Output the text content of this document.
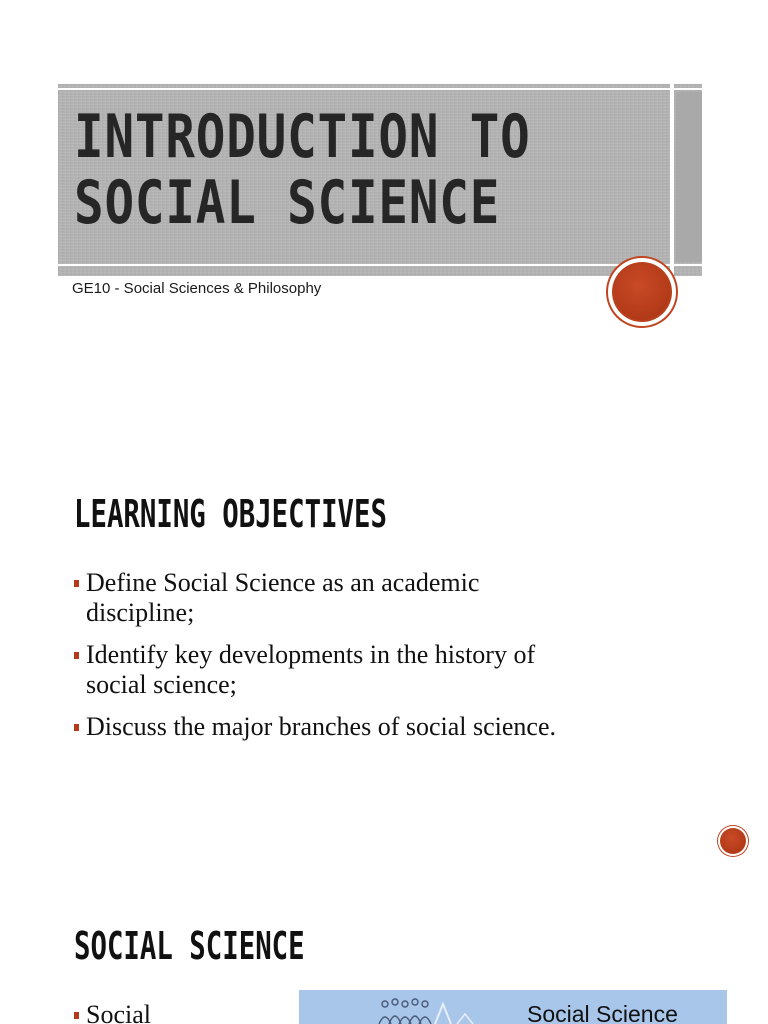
INTRODUCTION TO
SOCIAL SCIENCE
GE10 - Social Sciences & Philosophy
LEARNING OBJECTIVES
Define Social Science as an academic
discipline;
Identify key developments in the history of
social science;
Discuss the major branches of social science.
SOCIAL SCIENCE
Social	Social Science
